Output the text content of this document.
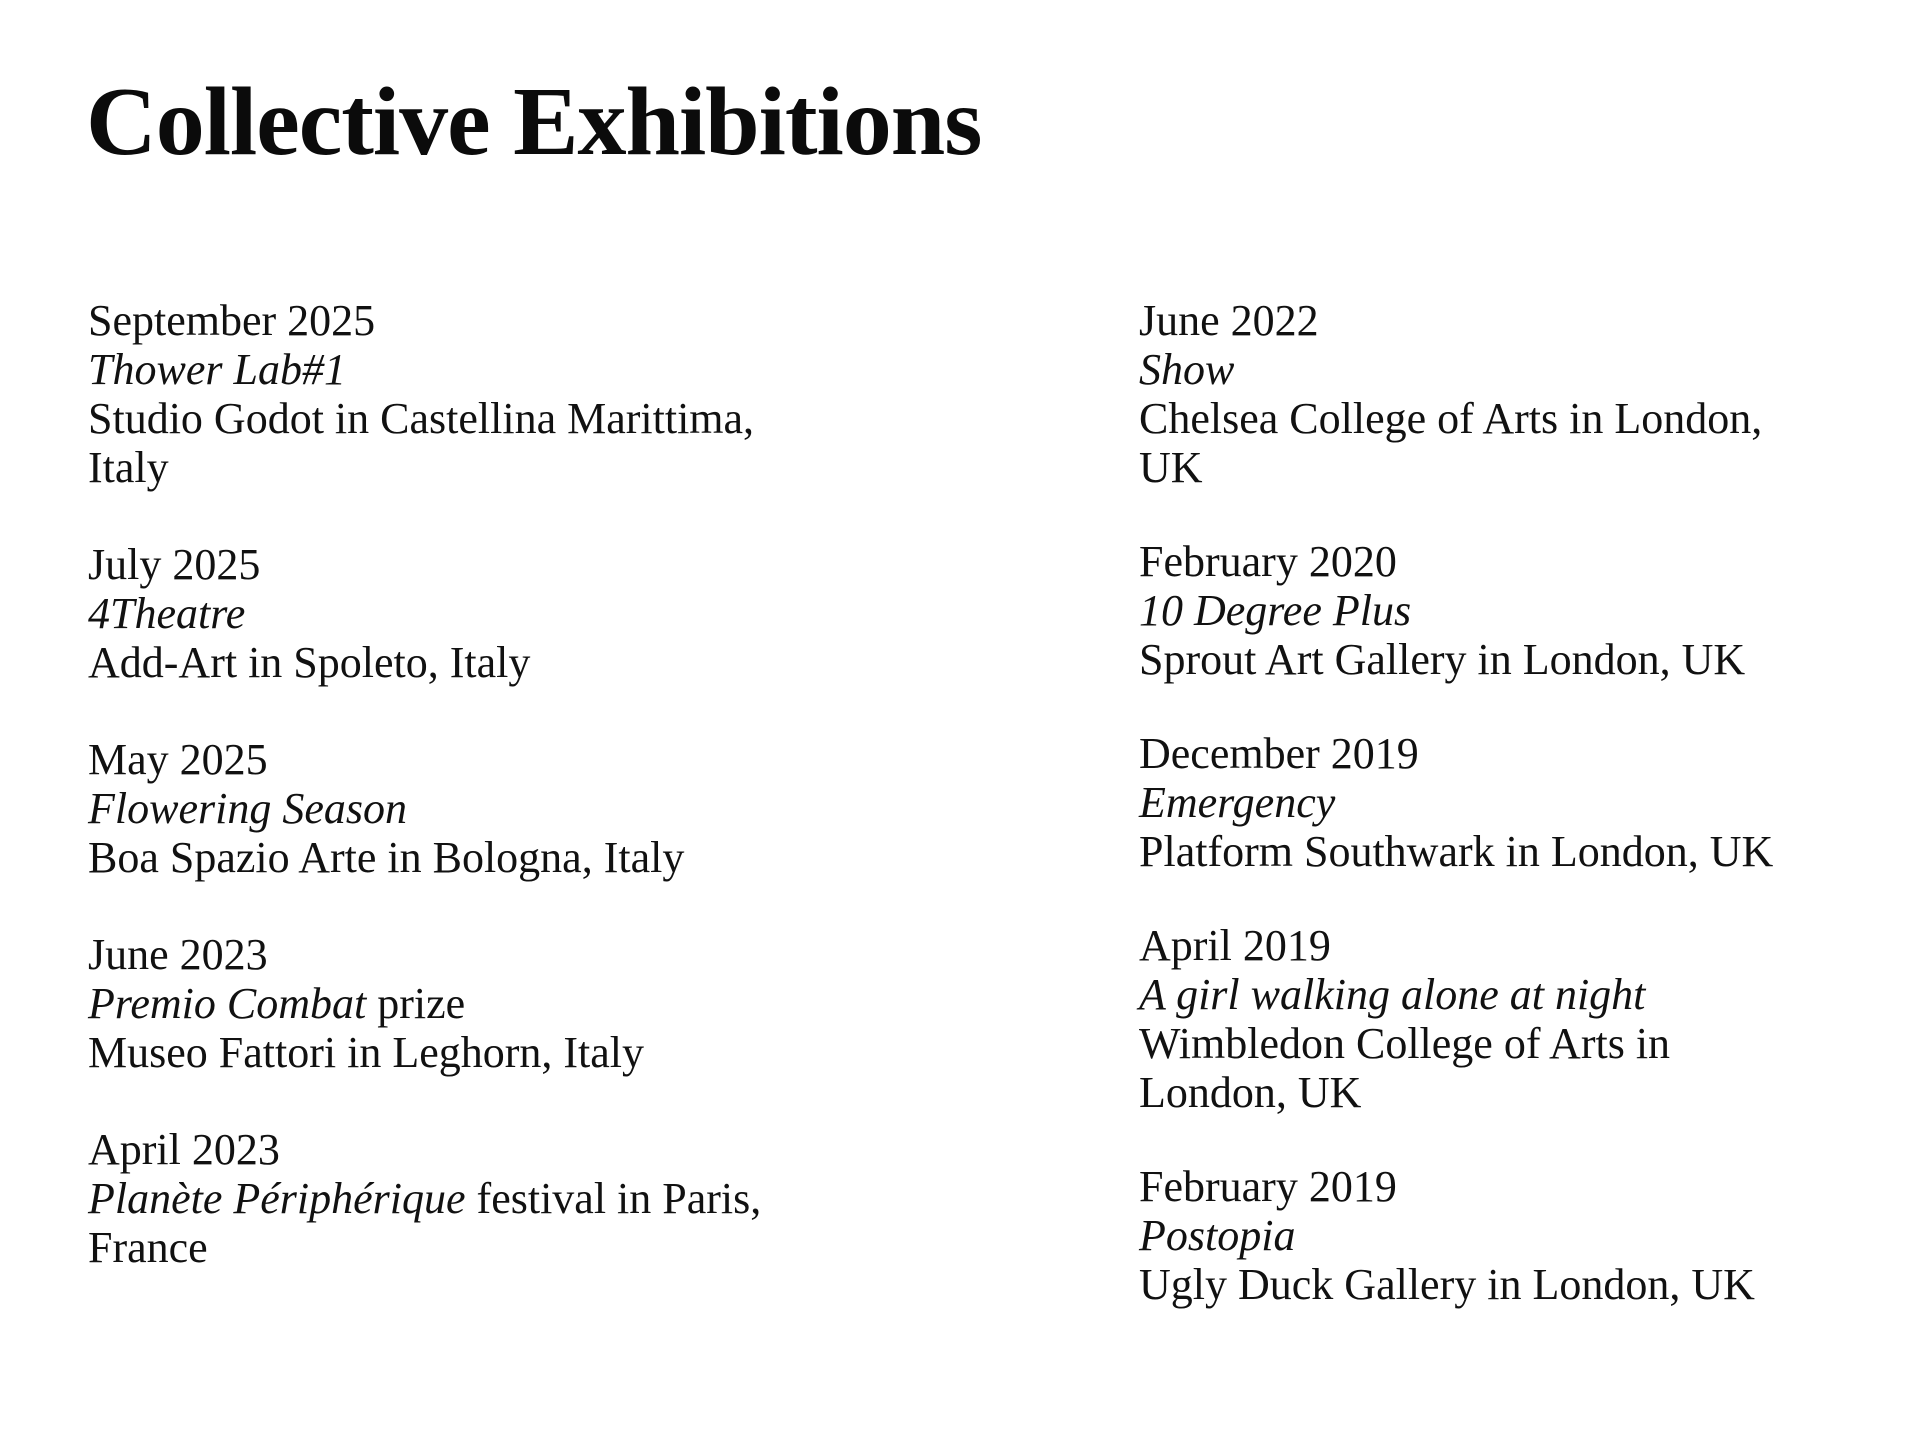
Collective Exhibitions
September 2025
Thower Lab#1
Studio Godot in Castellina Marittima,
Italy
July 2025
4Theatre
Add-Art in Spoleto, Italy
May 2025
Flowering Season
Boa Spazio Arte in Bologna, Italy
June 2023
Premio Combat prize
Museo Fattori in Leghorn, Italy
April 2023
Planète Périphérique festival in Paris,
France
June 2022
Show
Chelsea College of Arts in London,
UK
February 2020
10 Degree Plus
Sprout Art Gallery in London, UK
December 2019
Emergency
Platform Southwark in London, UK
April 2019
A girl walking alone at night
Wimbledon College of Arts in
London, UK
February 2019
Postopia
Ugly Duck Gallery in London, UK
